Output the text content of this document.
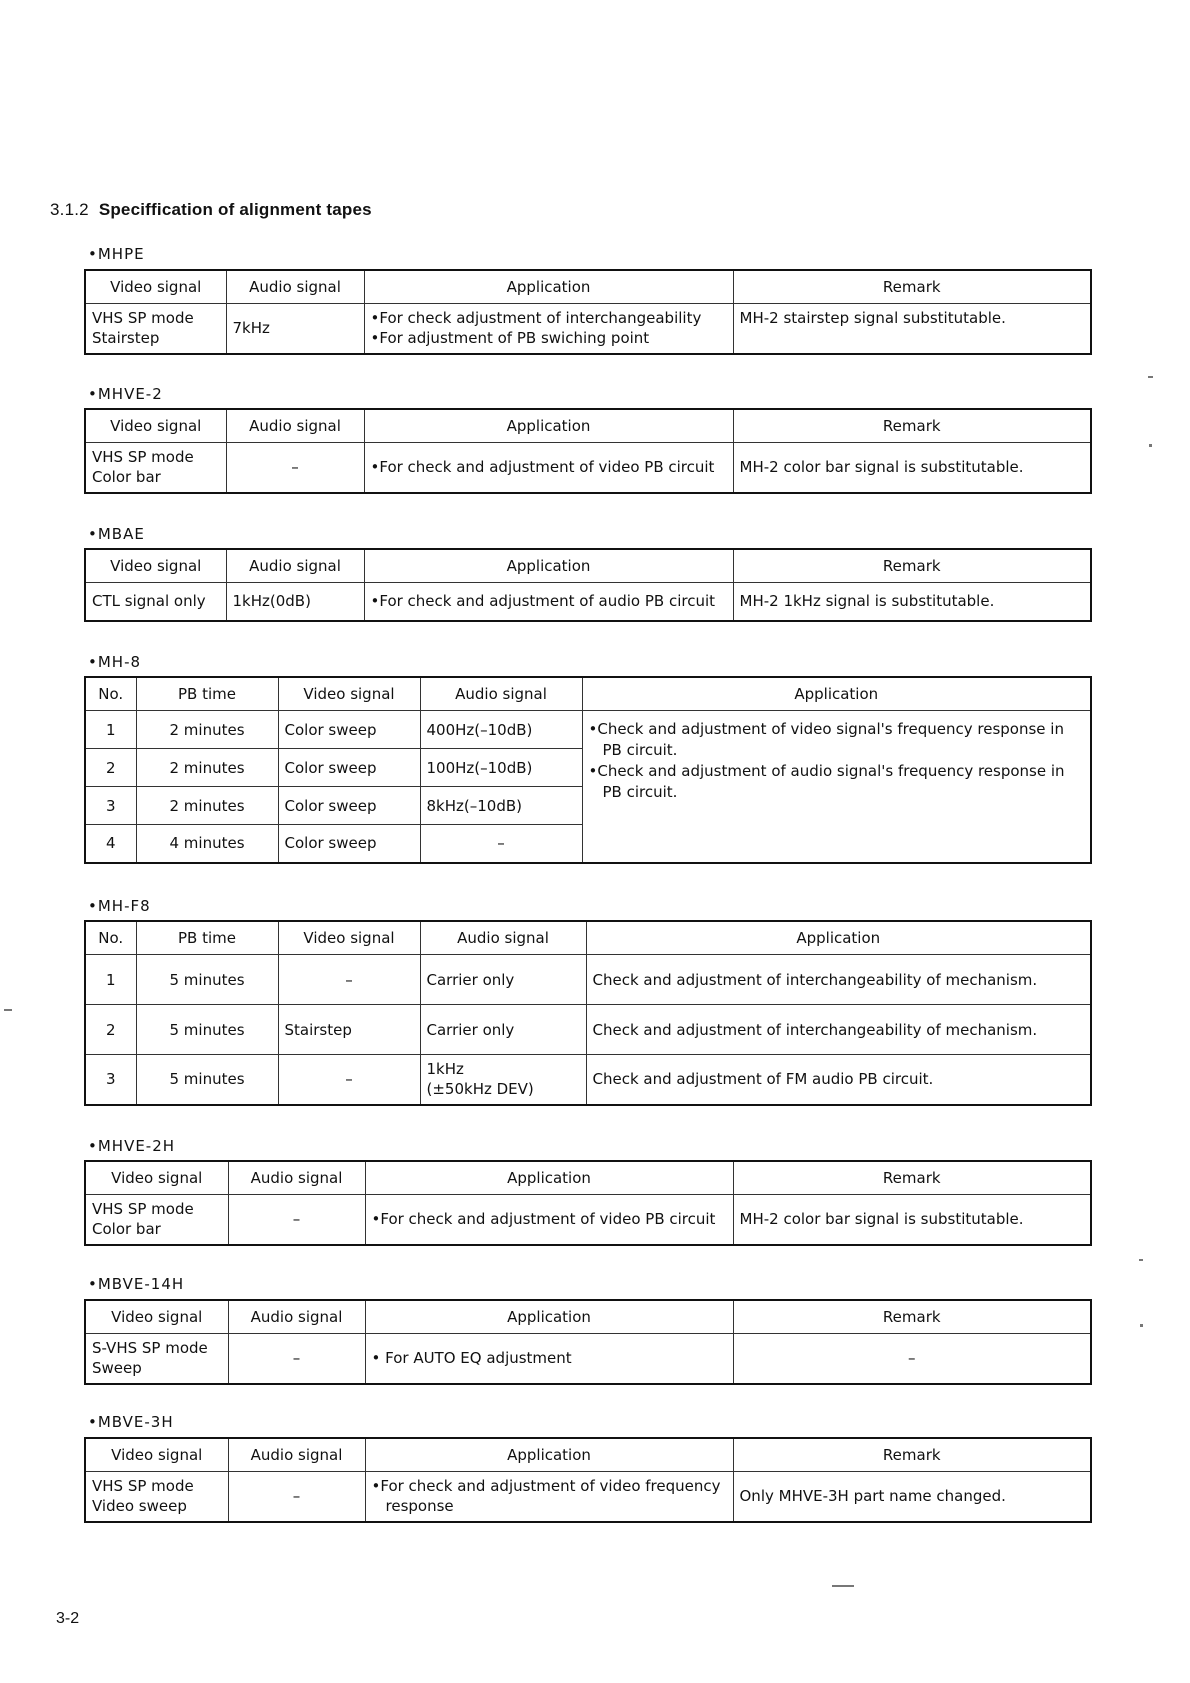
3.1.2 Speciffication of alignment tapes
•MHPE
Video signal	Audio signal	Application	Remark

VHS SP mode
Stairstep	7kHz	•For check adjustment of interchangeability
•For adjustment of PB swiching point	MH-2 stairstep signal substitutable.
•MHVE-2
Video signal	Audio signal	Application	Remark

VHS SP mode
Color bar	–	•For check and adjustment of video PB circuit	MH-2 color bar signal is substitutable.
•MBAE
Video signal	Audio signal	Application	Remark
CTL signal only	1kHz(0dB)	•For check and adjustment of audio PB circuit	MH-2 1kHz signal is substitutable.
•MH-8
No.	PB time	Video signal	Audio signal	Application
1	2 minutes	Color sweep	400Hz(–10dB)	•Check and adjustment of video signal's frequency response in
PB circuit.
•Check and adjustment of audio signal's frequency response in
PB circuit.

2	2 minutes	Color sweep	100Hz(–10dB)	
3	2 minutes	Color sweep	8kHz(–10dB)	
4	4 minutes	Color sweep	–	
•MH-F8
No.	PB time	Video signal	Audio signal	Application
1	5 minutes	–	Carrier only	Check and adjustment of interchangeability of mechanism.
2	5 minutes	Stairstep	Carrier only	Check and adjustment of interchangeability of mechanism.
3	5 minutes	–	1kHz
(±50kHz DEV)	Check and adjustment of FM audio PB circuit.
•MHVE-2H
Video signal	Audio signal	Application	Remark

VHS SP mode
Color bar	–	•For check and adjustment of video PB circuit	MH-2 color bar signal is substitutable.
•MBVE-14H
Video signal	Audio signal	Application	Remark

S-VHS SP mode
Sweep	–	• For AUTO EQ adjustment	–
•MBVE-3H
Video signal	Audio signal	Application	Remark

VHS SP mode
Video sweep	–	•For check and adjustment of video frequency
response	Only MHVE-3H part name changed.
3-2
